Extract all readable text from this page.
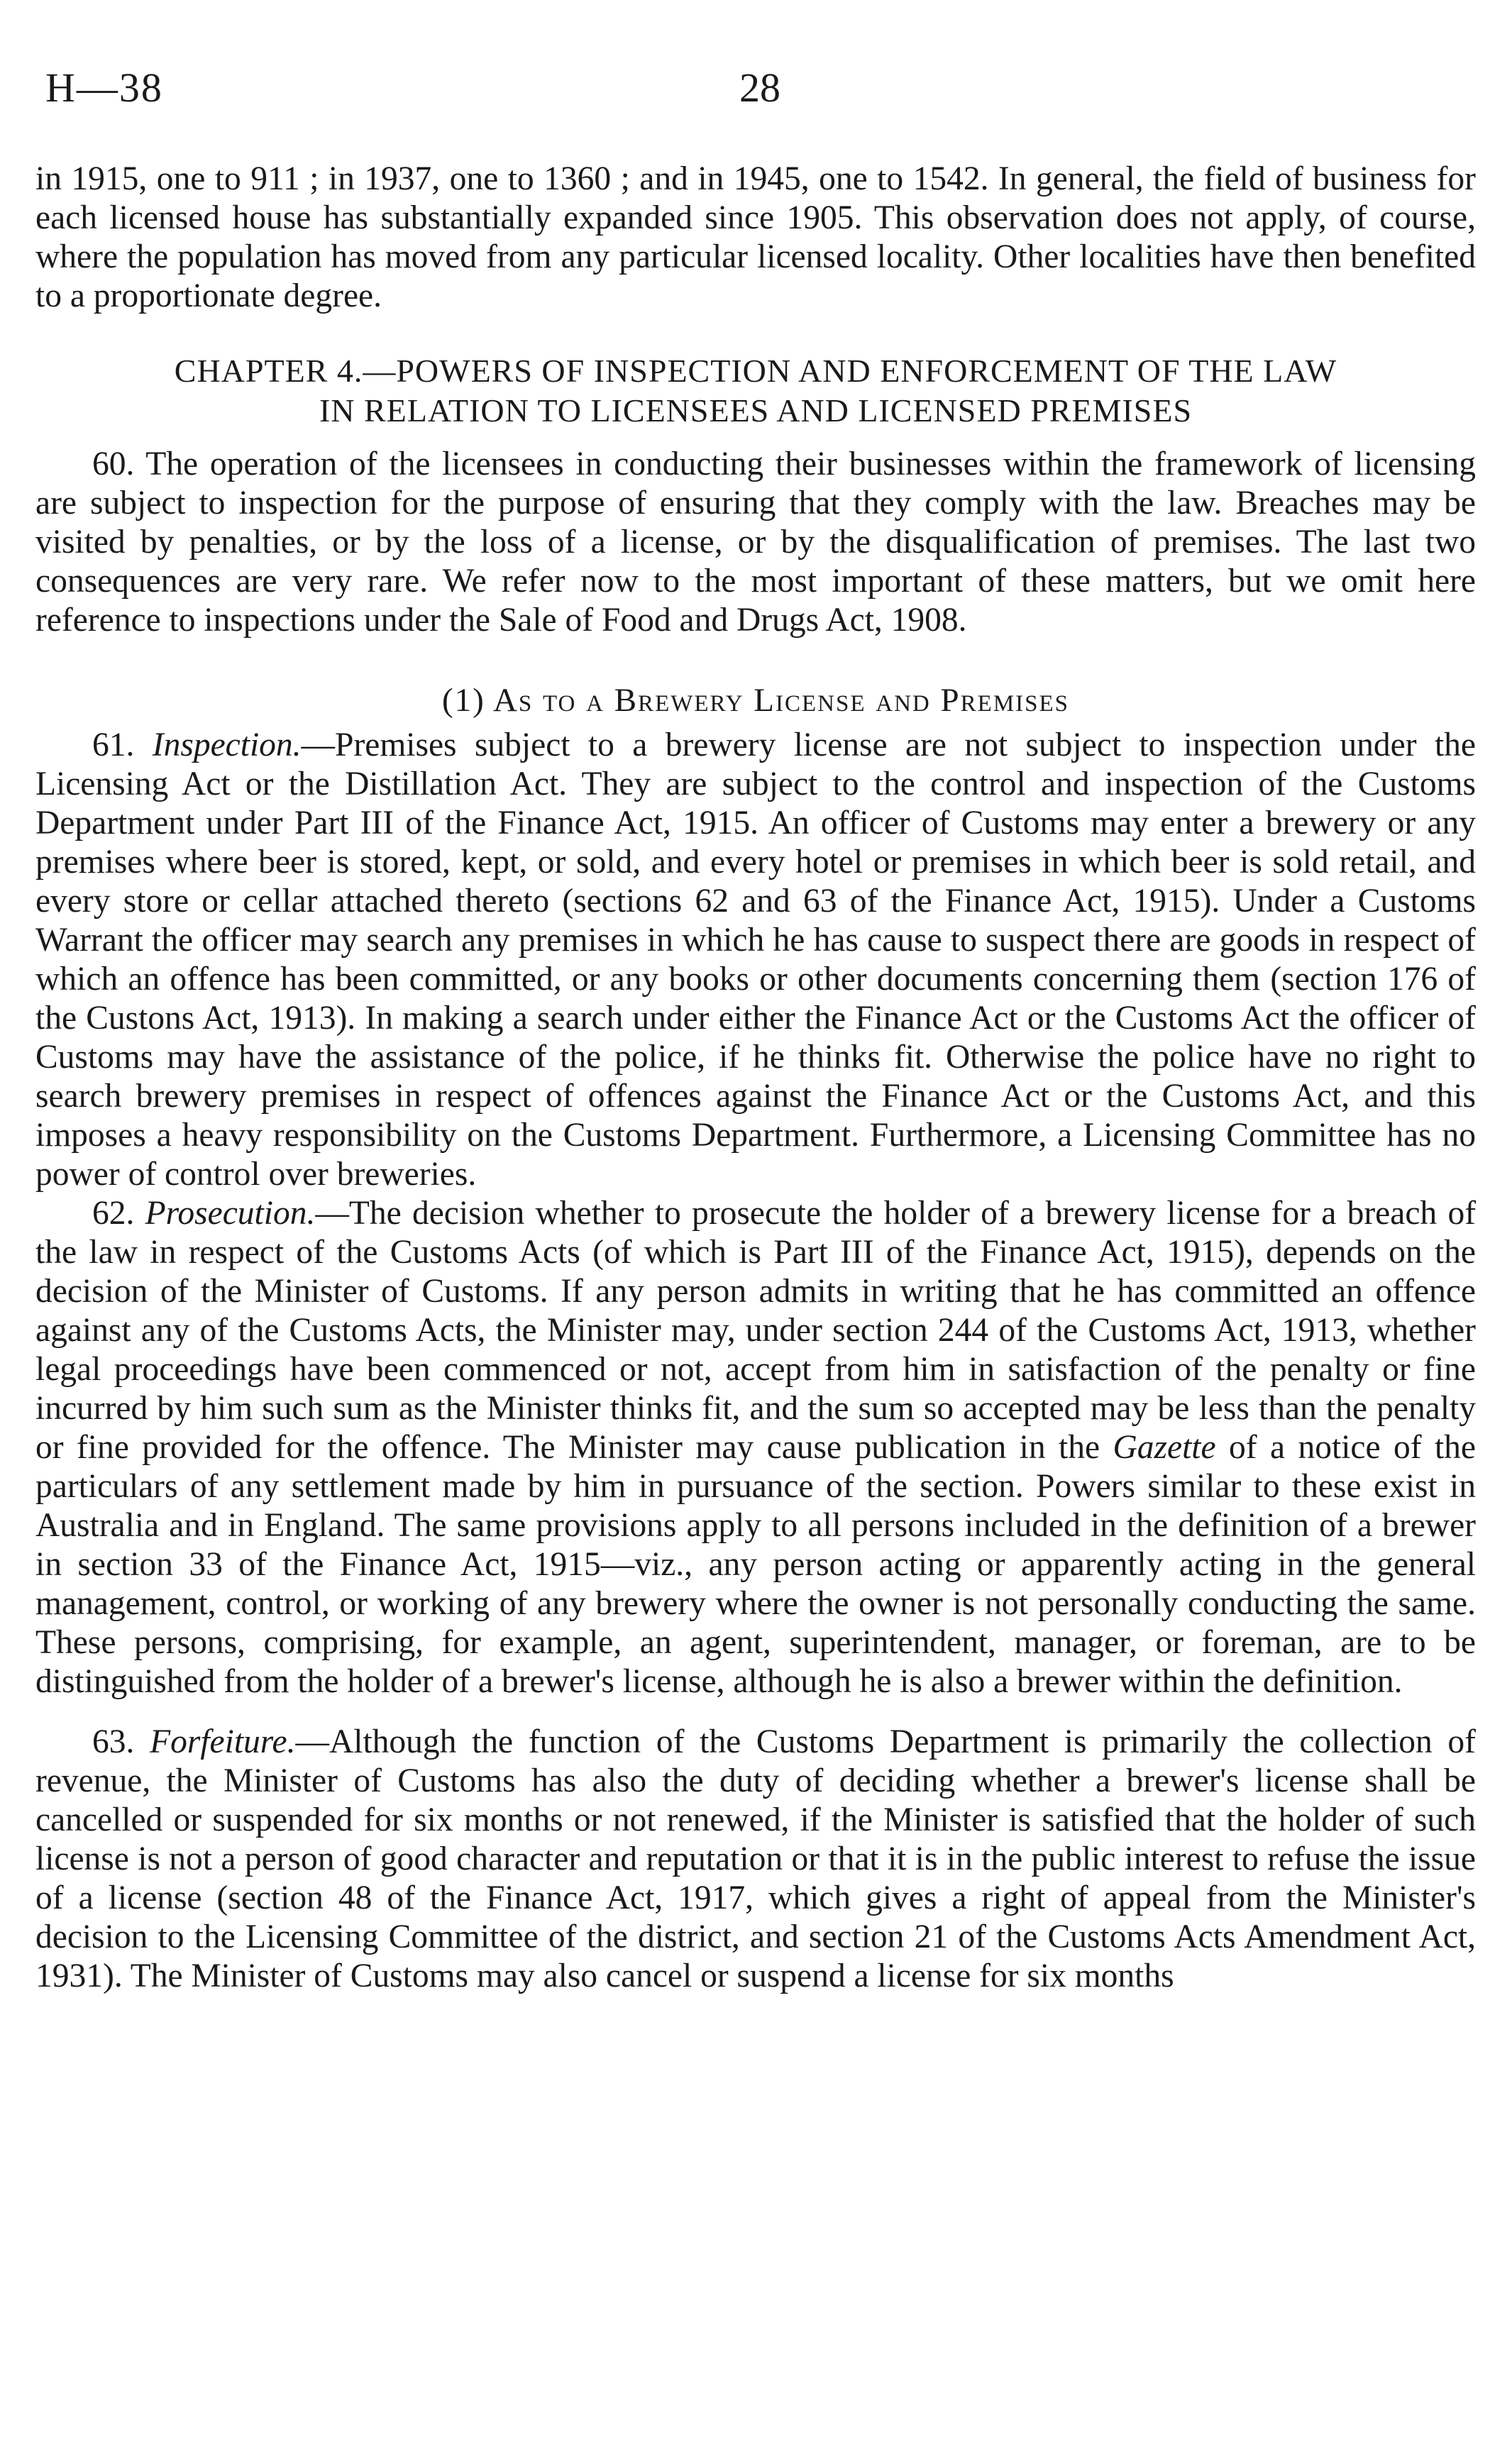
H—38	28

in 1915, one to 911 ; in 1937, one to 1360 ; and in 1945, one to 1542. In general, the field of business for each licensed house has substantially expanded since 1905. This observation does not apply, of course, where the population has moved from any particular licensed locality. Other localities have then benefited to a proportionate degree.

CHAPTER 4.—POWERS OF INSPECTION AND ENFORCEMENT OF THE LAW
IN RELATION TO LICENSEES AND LICENSED PREMISES

60. The operation of the licensees in conducting their businesses within the framework of licensing are subject to inspection for the purpose of ensuring that they comply with the law. Breaches may be visited by penalties, or by the loss of a license, or by the disqualification of premises. The last two consequences are very rare. We refer now to the most important of these matters, but we omit here reference to inspections under the Sale of Food and Drugs Act, 1908.

(1) As to a Brewery License and Premises

61. Inspection.—Premises subject to a brewery license are not subject to inspection under the Licensing Act or the Distillation Act. They are subject to the control and inspection of the Customs Department under Part III of the Finance Act, 1915. An officer of Customs may enter a brewery or any premises where beer is stored, kept, or sold, and every hotel or premises in which beer is sold retail, and every store or cellar attached thereto (sections 62 and 63 of the Finance Act, 1915). Under a Customs Warrant the officer may search any premises in which he has cause to suspect there are goods in respect of which an offence has been committed, or any books or other documents concerning them (section 176 of the Custons Act, 1913). In making a search under either the Finance Act or the Customs Act the officer of Customs may have the assistance of the police, if he thinks fit. Otherwise the police have no right to search brewery premises in respect of offences against the Finance Act or the Customs Act, and this imposes a heavy responsibility on the Customs Department. Furthermore, a Licensing Committee has no power of control over breweries.

62. Prosecution.—The decision whether to prosecute the holder of a brewery license for a breach of the law in respect of the Customs Acts (of which is Part III of the Finance Act, 1915), depends on the decision of the Minister of Customs. If any person admits in writing that he has committed an offence against any of the Customs Acts, the Minister may, under section 244 of the Customs Act, 1913, whether legal proceedings have been commenced or not, accept from him in satisfaction of the penalty or fine incurred by him such sum as the Minister thinks fit, and the sum so accepted may be less than the penalty or fine provided for the offence. The Minister may cause publication in the Gazette of a notice of the particulars of any settlement made by him in pursuance of the section. Powers similar to these exist in Australia and in England. The same provisions apply to all persons included in the definition of a brewer in section 33 of the Finance Act, 1915—viz., any person acting or apparently acting in the general management, control, or working of any brewery where the owner is not personally conducting the same. These persons, comprising, for example, an agent, superintendent, manager, or foreman, are to be distinguished from the holder of a brewer's license, although he is also a brewer within the definition.

63. Forfeiture.—Although the function of the Customs Department is primarily the collection of revenue, the Minister of Customs has also the duty of deciding whether a brewer's license shall be cancelled or suspended for six months or not renewed, if the Minister is satisfied that the holder of such license is not a person of good character and reputation or that it is in the public interest to refuse the issue of a license (section 48 of the Finance Act, 1917, which gives a right of appeal from the Minister's decision to the Licensing Committee of the district, and section 21 of the Customs Acts Amendment Act, 1931). The Minister of Customs may also cancel or suspend a license for six months
